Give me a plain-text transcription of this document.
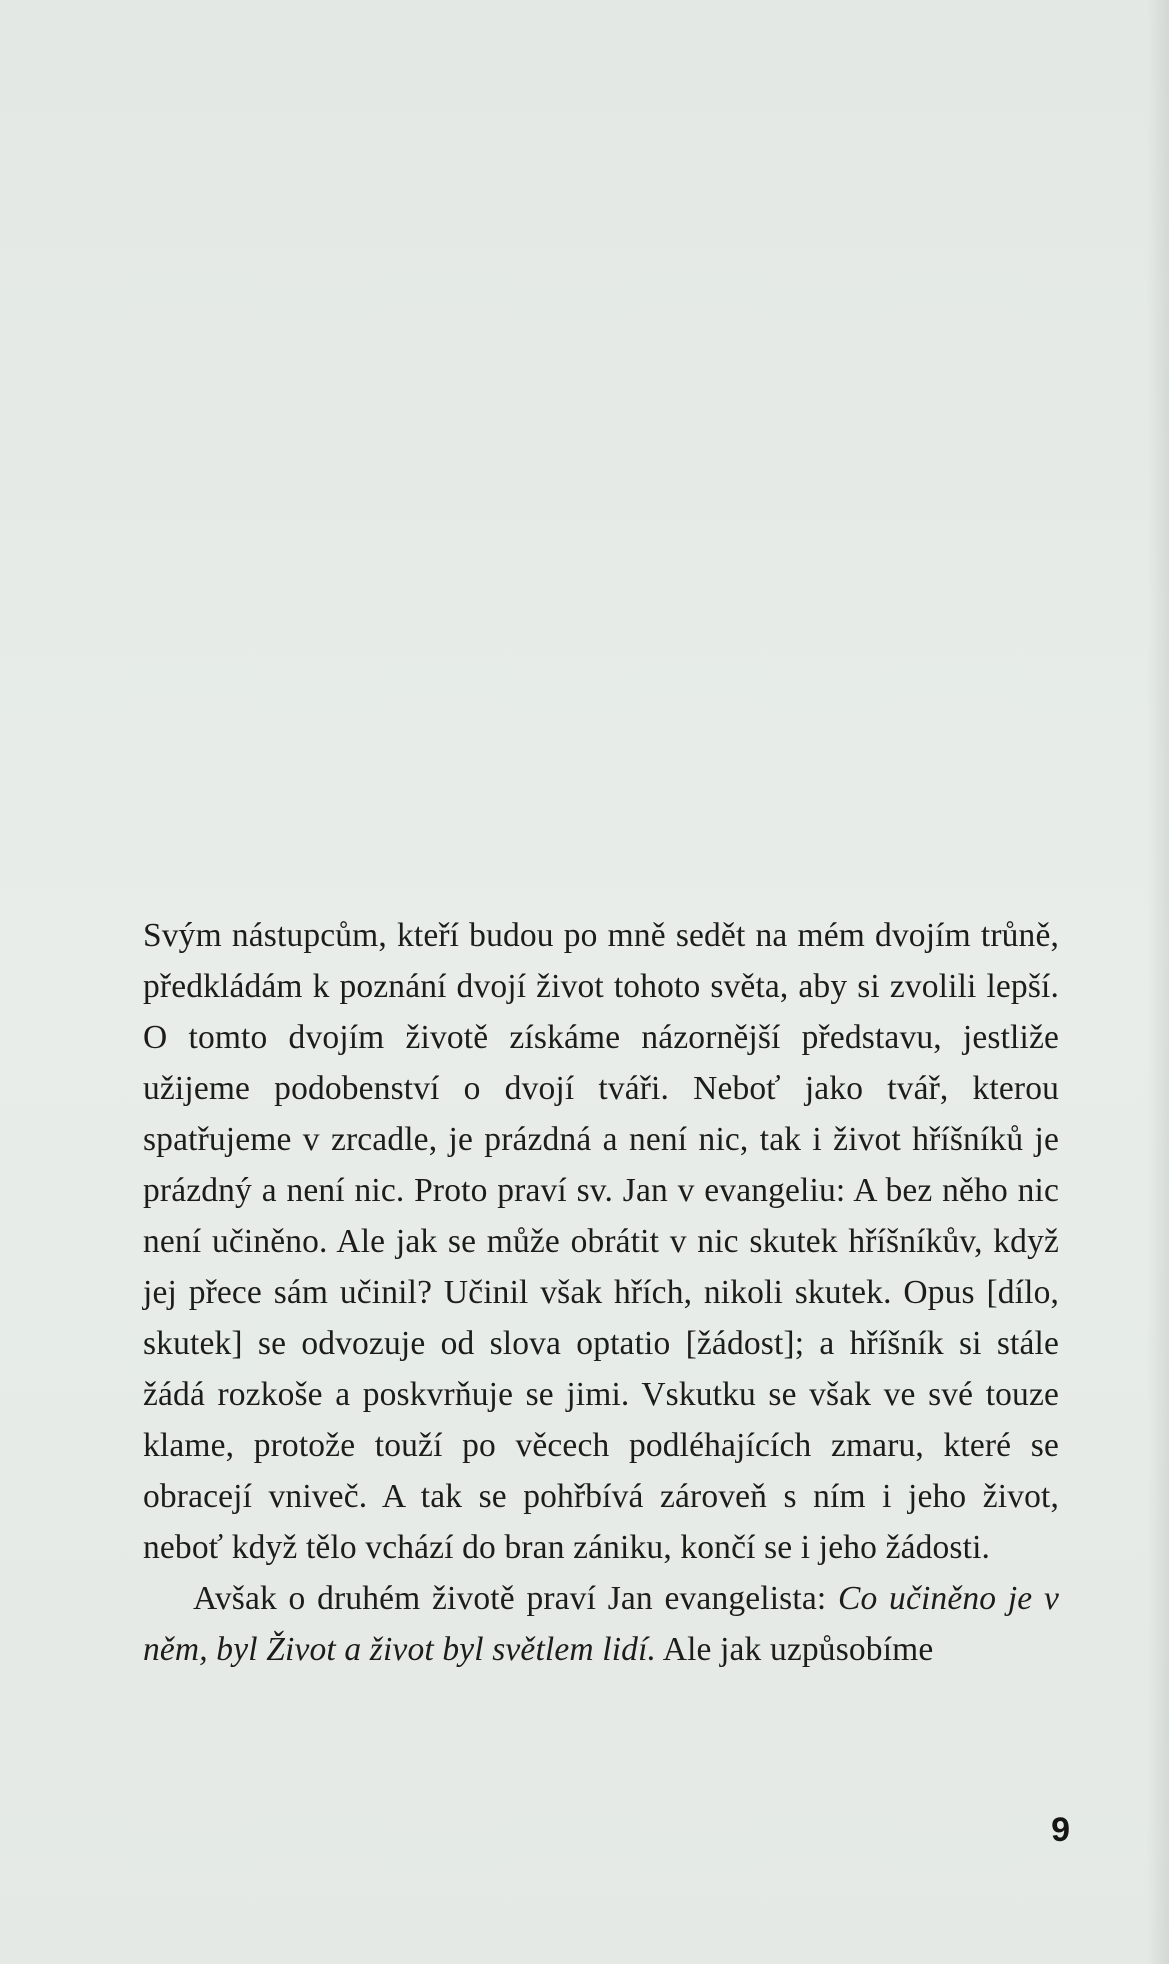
Svým nástupcům, kteří budou po mně sedět na mém dvojím trůně, předkládám k poznání dvojí život tohoto světa, aby si zvolili lepší. O tomto dvojím životě získáme názornější představu, jestliže užijeme podobenství o dvojí tváři. Neboť jako tvář, kterou spatřujeme v zrcadle, je prázdná a není nic, tak i život hříšníků je prázdný a není nic. Proto praví sv. Jan v evangeliu: A bez něho nic není učiněno. Ale jak se může obrátit v nic skutek hříšníkův, když jej přece sám učinil? Učinil však hřích, nikoli skutek. Opus [dílo, skutek] se odvozuje od slova optatio [žádost]; a hříšník si stále žádá rozkoše a poskvrňuje se jimi. Vskutku se však ve své touze klame, protože touží po věcech podléhajících zmaru, které se obracejí vniveč. A tak se pohřbívá zároveň s ním i jeho život, neboť když tělo vchází do bran zániku, končí se i jeho žádosti.

Avšak o druhém životě praví Jan evangelista: Co učiněno je v něm, byl Život a život byl světlem lidí. Ale jak uzpůsobíme

9
